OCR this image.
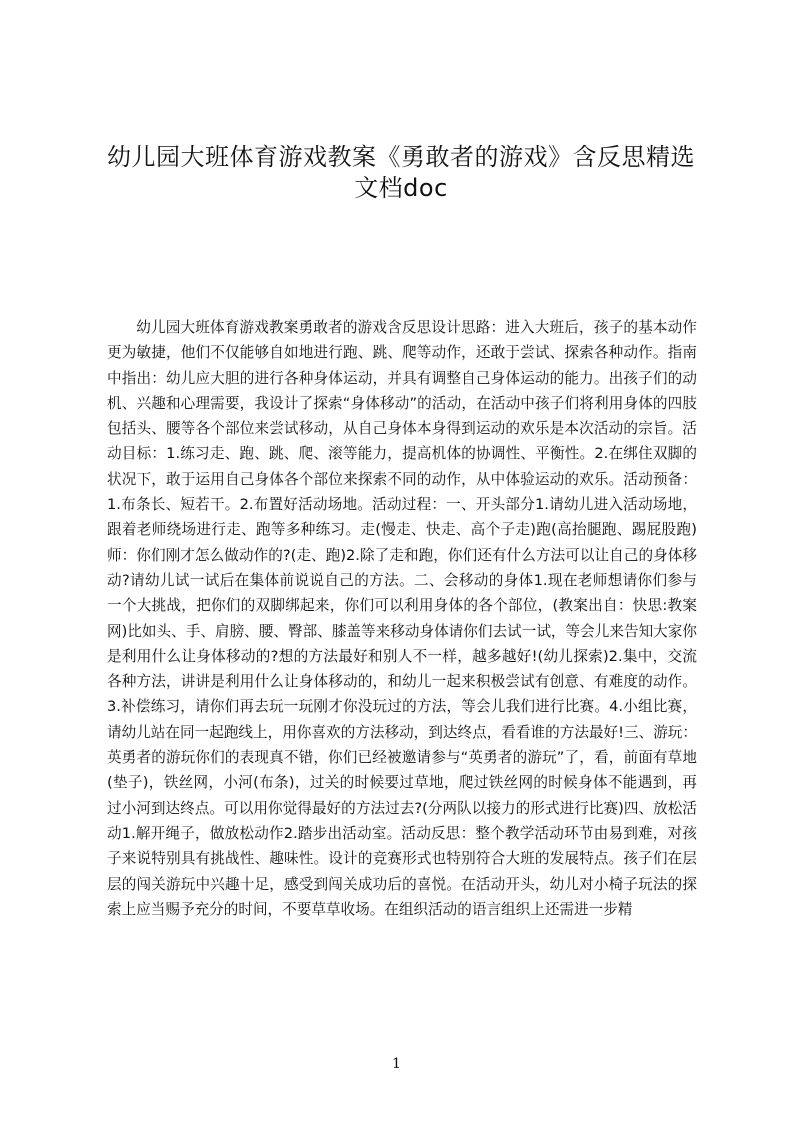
幼儿园大班体育游戏教案《勇敢者的游戏》含反思精选文档doc

幼儿园大班体育游戏教案勇敢者的游戏含反思设计思路：进入大班后，孩子的基本动作更为敏捷，他们不仅能够自如地进行跑、跳、爬等动作，还敢于尝试、探索各种动作。指南中指出：幼儿应大胆的进行各种身体运动，并具有调整自己身体运动的能力。出孩子们的动机、兴趣和心理需要，我设计了探索“身体移动”的活动，在活动中孩子们将利用身体的四肢包括头、腰等各个部位来尝试移动，从自己身体本身得到运动的欢乐是本次活动的宗旨。活动目标：1.练习走、跑、跳、爬、滚等能力，提高机体的协调性、平衡性。2.在绑住双脚的状况下，敢于运用自己身体各个部位来探索不同的动作，从中体验运动的欢乐。活动预备：1.布条长、短若干。2.布置好活动场地。活动过程：一、开头部分1.请幼儿进入活动场地，跟着老师绕场进行走、跑等多种练习。走(慢走、快走、高个子走)跑(高抬腿跑、踢屁股跑)师：你们刚才怎么做动作的?(走、跑)2.除了走和跑，你们还有什么方法可以让自己的身体移动?请幼儿试一试后在集体前说说自己的方法。二、会移动的身体1.现在老师想请你们参与一个大挑战，把你们的双脚绑起来，你们可以利用身体的各个部位，(教案出自：快思:教案网)比如头、手、肩膀、腰、臀部、膝盖等来移动身体请你们去试一试，等会儿来告知大家你是利用什么让身体移动的?想的方法最好和别人不一样，越多越好!(幼儿探索)2.集中，交流各种方法，讲讲是利用什么让身体移动的，和幼儿一起来积极尝试有创意、有难度的动作。3.补偿练习，请你们再去玩一玩刚才你没玩过的方法，等会儿我们进行比赛。4.小组比赛，请幼儿站在同一起跑线上，用你喜欢的方法移动，到达终点，看看谁的方法最好!三、游玩：英勇者的游玩你们的表现真不错，你们已经被邀请参与“英勇者的游玩”了，看，前面有草地(垫子)，铁丝网，小河(布条)，过关的时候要过草地，爬过铁丝网的时候身体不能遇到，再过小河到达终点。可以用你觉得最好的方法过去?(分两队以接力的形式进行比赛)四、放松活动1.解开绳子，做放松动作2.踏步出活动室。活动反思：整个教学活动环节由易到难，对孩子来说特别具有挑战性、趣味性。设计的竞赛形式也特别符合大班的发展特点。孩子们在层层的闯关游玩中兴趣十足，感受到闯关成功后的喜悦。在活动开头，幼儿对小椅子玩法的探索上应当赐予充分的时间，不要草草收场。在组织活动的语言组织上还需进一步精

1
